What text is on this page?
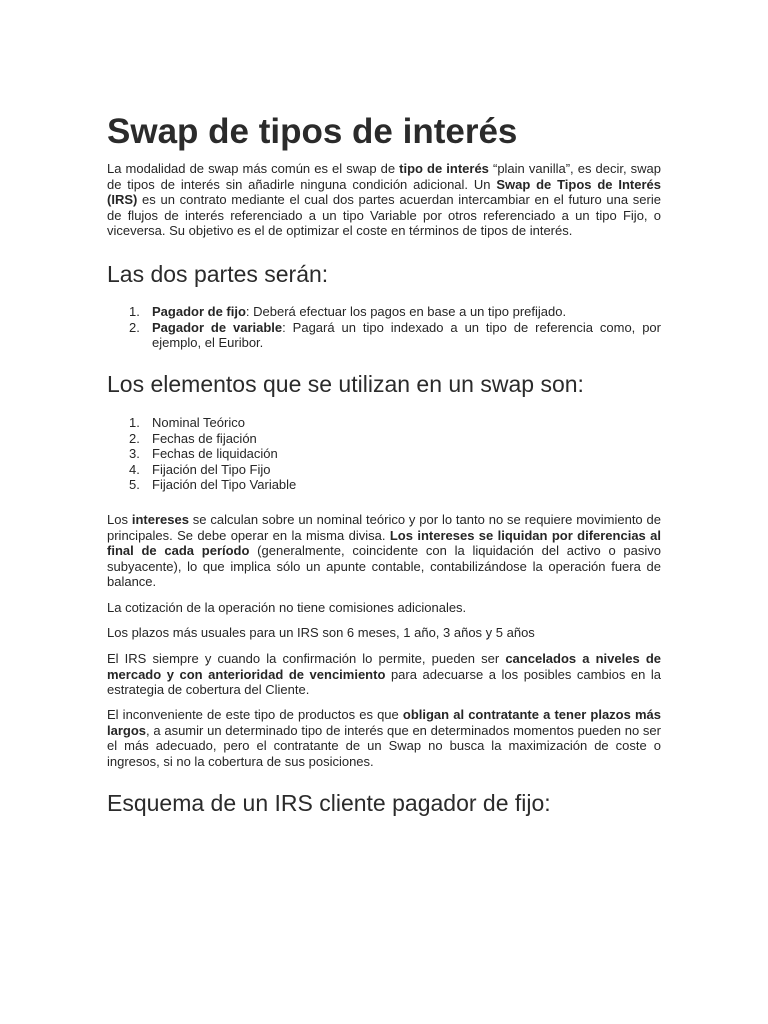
Swap de tipos de interés

La modalidad de swap más común es el swap de tipo de interés “plain vanilla”, es decir, swap de tipos de interés sin añadirle ninguna condición adicional. Un Swap de Tipos de Interés (IRS) es un contrato mediante el cual dos partes acuerdan intercambiar en el futuro una serie de flujos de interés referenciado a un tipo Variable por otros referenciado a un tipo Fijo, o viceversa. Su objetivo es el de optimizar el coste en términos de tipos de interés.

Las dos partes serán:
1. Pagador de fijo: Deberá efectuar los pagos en base a un tipo prefijado.
2. Pagador de variable: Pagará un tipo indexado a un tipo de referencia como, por ejemplo, el Euribor.
Los elementos que se utilizan en un swap son:
1. Nominal Teórico
2. Fechas de fijación
3. Fechas de liquidación
4. Fijación del Tipo Fijo
5. Fijación del Tipo Variable

Los intereses se calculan sobre un nominal teórico y por lo tanto no se requiere movimiento de principales. Se debe operar en la misma divisa. Los intereses se liquidan por diferencias al final de cada período (generalmente, coincidente con la liquidación del activo o pasivo subyacente), lo que implica sólo un apunte contable, contabilizándose la operación fuera de balance.

La cotización de la operación no tiene comisiones adicionales.

Los plazos más usuales para un IRS son 6 meses, 1 año, 3 años y 5 años

El IRS siempre y cuando la confirmación lo permite, pueden ser cancelados a niveles de mercado y con anterioridad de vencimiento para adecuarse a los posibles cambios en la estrategia de cobertura del Cliente.

El inconveniente de este tipo de productos es que obligan al contratante a tener plazos más largos, a asumir un determinado tipo de interés que en determinados momentos pueden no ser el más adecuado, pero el contratante de un Swap no busca la maximización de coste o ingresos, si no la cobertura de sus posiciones.

Esquema de un IRS cliente pagador de fijo:
